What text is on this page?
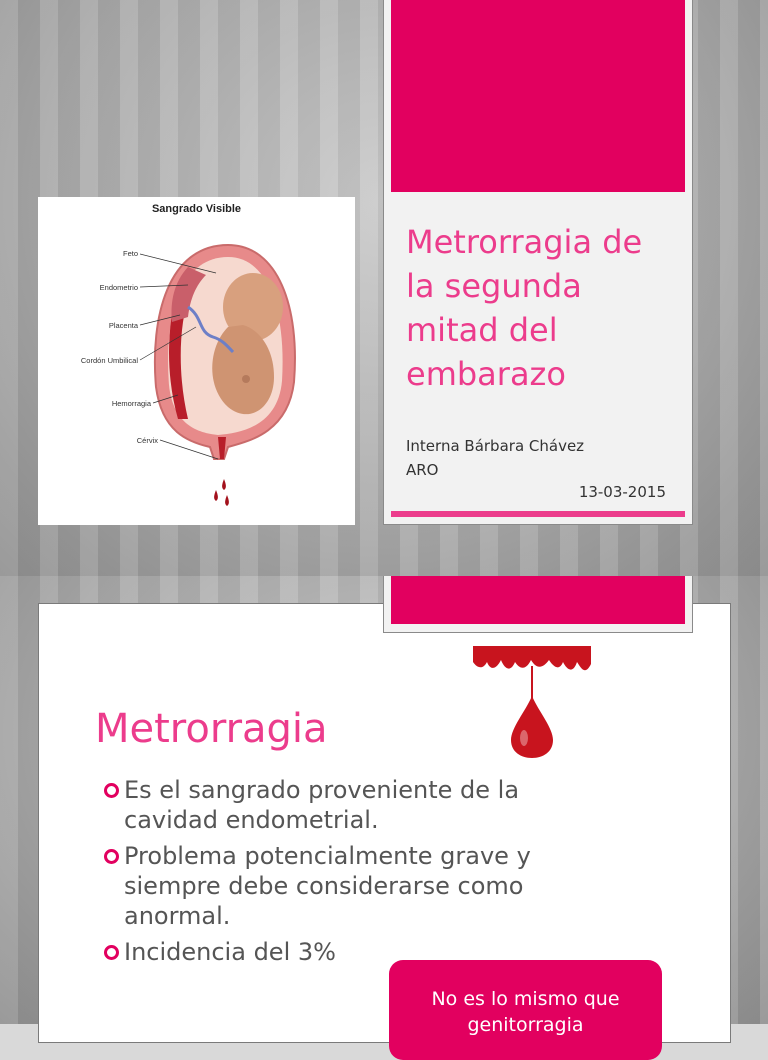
Sangrado Visible
Feto
Endometrio
Placenta
Cordón Umbilical
Hemorragia
Cérvix
Metrorragia de la segunda mitad del embarazo
Interna Bárbara Chávez
ARO
13-03-2015
Metrorragia
Es el sangrado proveniente de la cavidad endometrial.
Problema potencialmente grave y siempre debe considerarse como anormal.
Incidencia del 3%
No es lo mismo que genitorragia
